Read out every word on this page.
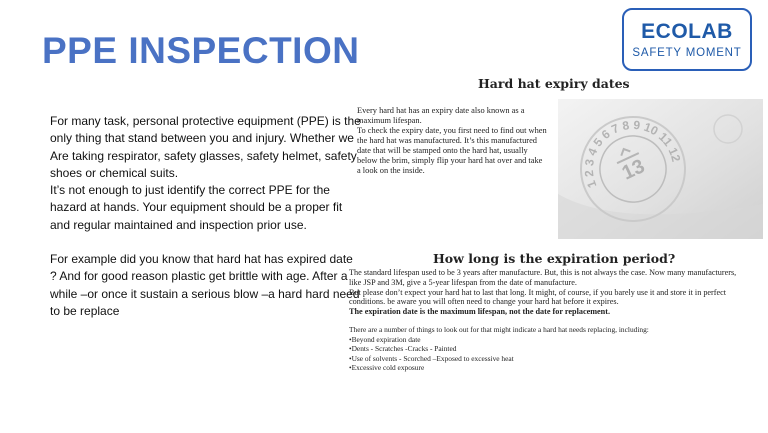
PPE INSPECTION	ECOLAB
SAFETY MOMENT
Hard hat expiry dates

For many task, personal protective equipment (PPE) is the only thing that stand between you and injury. Whether we Are taking respirator, safety glasses, safety helmet, safety shoes or chemical suits.

It’s not enough to just identify the correct PPE for the hazard at hands. Your equipment should be a proper fit and regular maintained and inspection prior use.

For example did you know that hard hat has expired date ? And for good reason plastic get brittle with age. After a while –or once it sustain a serious blow –a hard hard need to be replace

Every hard hat has an expiry date also known as a maximum lifespan.

To check the expiry date, you first need to find out when the hard hat was manufactured. It’s this manufactured date that will be stamped onto the hard hat, usually below the brim, simply flip your hard hat over and take a look on the inside.

1 2 3 4 5 6 7 8 9 10 11 12
13
How long is the expiration period?

The standard lifespan used to be 3 years after manufacture. But, this is not always the case. Now many manufacturers, like JSP and 3M, give a 5-year lifespan from the date of manufacture.

But please don’t expect your hard hat to last that long. It might, of course, if you barely use it and store it in perfect conditions. be aware you will often need to change your hard hat before it expires.

The expiration date is the maximum lifespan, not the date for replacement.

There are a number of things to look out for that might indicate a hard hat needs replacing, including:

•Beyond expiration date
•Dents - Scratches -Cracks - Painted
•Use of solvents - Scorched –Exposed to excessive heat
•Excessive cold exposure
